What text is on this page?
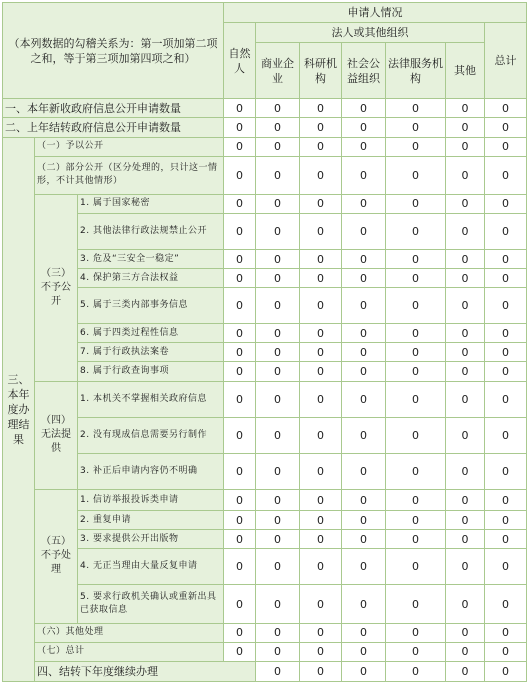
（本列数据的勾稽关系为：第一项加第二项之和，等于第三项加第四项之和）			申请人情况							
			自然人	法人或其他组织					总计	
				商业企业	科研机构	社会公益组织	法律服务机构	其他		

一、本年新收政府信息公开申请数量			0	0	0	0	0	0	0	
二、上年结转政府信息公开申请数量			0	0	0	0	0	0	0	
三、本年度办理结果	（一）予以公开		0	0	0	0	0	0	0	
	（二）部分公开（区分处理的，只计这一情形，不计其他情形）		0	0	0	0	0	0	0	
	（三）不予公开	1. 属于国家秘密	0	0	0	0	0	0	0	
		2. 其他法律行政法规禁止公开	0	0	0	0	0	0	0	
		3. 危及“三安全一稳定”	0	0	0	0	0	0	0	
		4. 保护第三方合法权益	0	0	0	0	0	0	0	
		5. 属于三类内部事务信息	0	0	0	0	0	0	0	
		6. 属于四类过程性信息	0	0	0	0	0	0	0	
		7. 属于行政执法案卷	0	0	0	0	0	0	0	
		8. 属于行政查询事项	0	0	0	0	0	0	0	
	（四）无法提供	1. 本机关不掌握相关政府信息	0	0	0	0	0	0	0	
		2. 没有现成信息需要另行制作	0	0	0	0	0	0	0	
		3. 补正后申请内容仍不明确	0	0	0	0	0	0	0	
	（五）不予处理	1. 信访举报投诉类申请	0	0	0	0	0	0	0	
		2. 重复申请	0	0	0	0	0	0	0	
		3. 要求提供公开出版物	0	0	0	0	0	0	0	
		4. 无正当理由大量反复申请	0	0	0	0	0	0	0	
		5. 要求行政机关确认或重新出具已获取信息	0	0	0	0	0	0	0	
	（六）其他处理		0	0	0	0	0	0	0	
	（七）总计		0	0	0	0	0	0	0	
	四、结转下年度继续办理			0	0	0	0	0	0	
